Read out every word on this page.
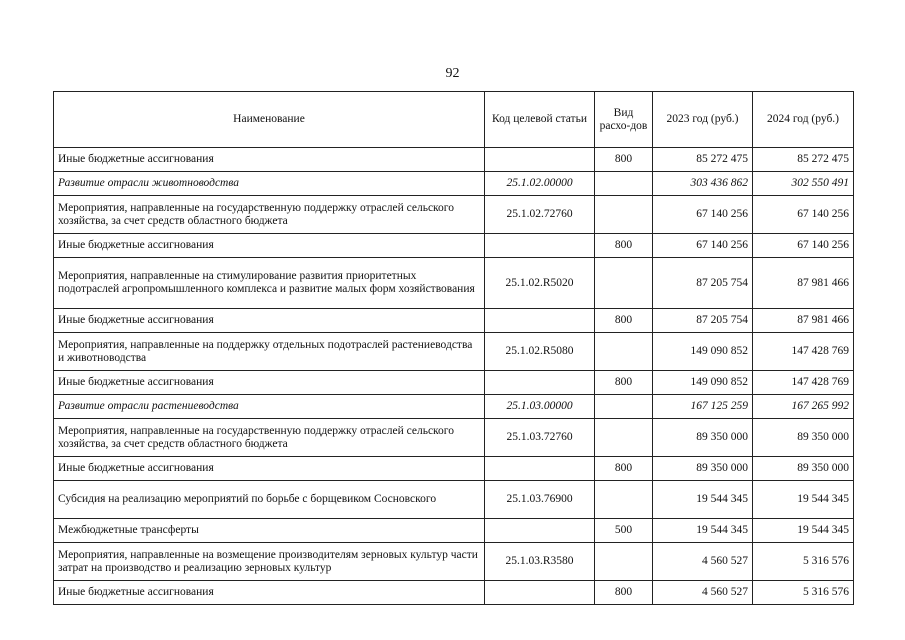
92
Наименование	Код целевой статьи	Вид расхо-дов	2023 год (руб.)	2024 год (руб.)
Иные бюджетные ассигнования		800	85 272 475	85 272 475
Развитие отрасли животноводства	25.1.02.00000		303 436 862	302 550 491
Мероприятия, направленные на государственную поддержку отраслей сельского хозяйства, за счет средств областного бюджета	25.1.02.72760		67 140 256	67 140 256
Иные бюджетные ассигнования		800	67 140 256	67 140 256
Мероприятия, направленные на стимулирование развития приоритетных подотраслей агропромышленного комплекса и развитие малых форм хозяйствования	25.1.02.R5020		87 205 754	87 981 466
Иные бюджетные ассигнования		800	87 205 754	87 981 466
Мероприятия, направленные на поддержку отдельных подотраслей растениеводства и животноводства	25.1.02.R5080		149 090 852	147 428 769
Иные бюджетные ассигнования		800	149 090 852	147 428 769
Развитие отрасли растениеводства	25.1.03.00000		167 125 259	167 265 992
Мероприятия, направленные на государственную поддержку отраслей сельского хозяйства, за счет средств областного бюджета	25.1.03.72760		89 350 000	89 350 000
Иные бюджетные ассигнования		800	89 350 000	89 350 000
Субсидия на реализацию мероприятий по борьбе с борщевиком Сосновского	25.1.03.76900		19 544 345	19 544 345
Межбюджетные трансферты		500	19 544 345	19 544 345
Мероприятия, направленные на возмещение производителям зерновых культур части затрат на производство и реализацию зерновых культур	25.1.03.R3580		4 560 527	5 316 576
Иные бюджетные ассигнования		800	4 560 527	5 316 576
